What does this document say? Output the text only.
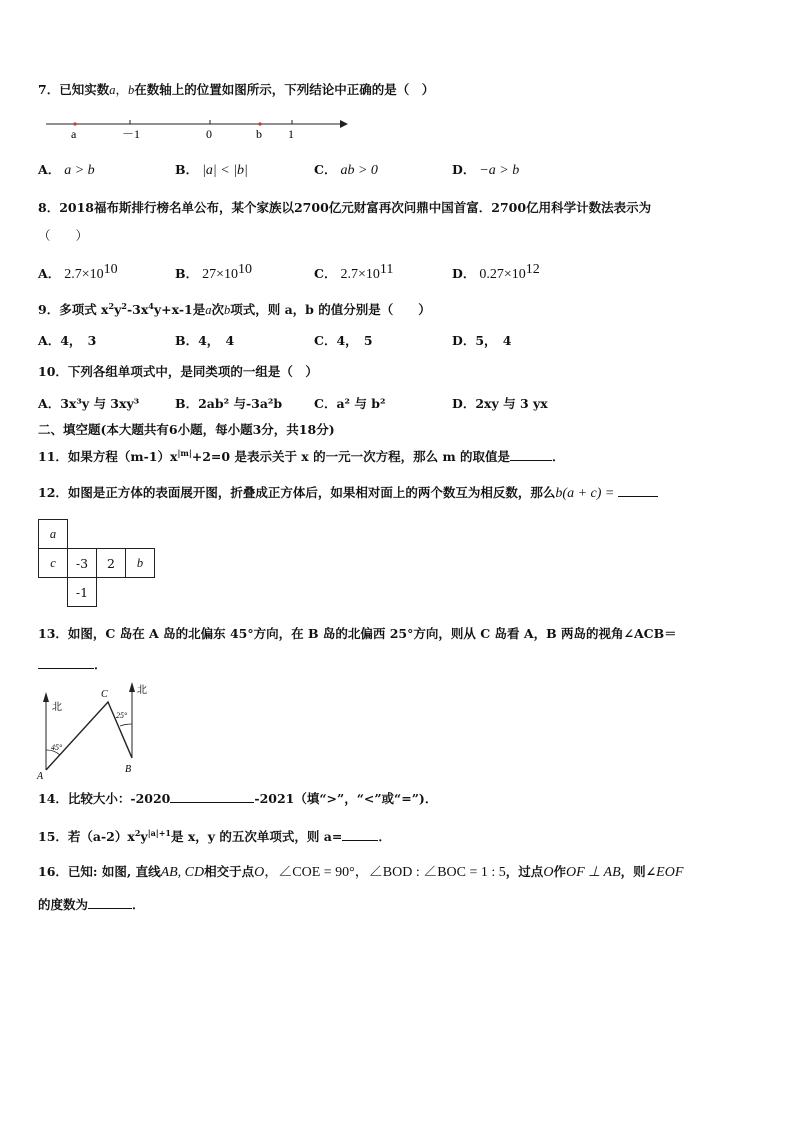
7．已知实数a，b在数轴上的位置如图所示，下列结论中正确的是（　）
a	－1	0	b 1
A． a > b	B． |a| < |b|	C． ab > 0	D． −a > b
8．2018福布斯排行榜名单公布，某个家族以2700亿元财富再次问鼎中国首富．2700亿用科学计数法表示为
（　　）
A． $2.7\times 10^{10}$	B． $27\times 10^{10}$	C． $2.7\times 10^{11}$	D． $0.27\times 10^{12}$
9．多项式 $x^2y^2-3x^4y+x-1$是a次b项式，则 a，b 的值分别是（　　）
A．4，　3	B．4，　4	C．4，　5	D．5，　4
10．下列各组单项式中，是同类项的一组是（　）
A．3x³y 与 3xy³	B．2ab² 与-3a²b	C．a² 与 b²	D．2xy 与 3 yx
二、填空题(本大题共有6小题，每小题3分，共18分)
11．如果方程$(m-1)x^{|m|}+2=0$ 是表示关于 x 的一元一次方程，那么 m 的取值是	．
12．如图是正方体的表面展开图，折叠成正方体后，如果相对面上的两个数互为相反数，那么b(a + c) =
a
c	-3	2	b
-1
13．如图，C 岛在 A 岛的北偏东 45°方向，在 B 岛的北偏西 25°方向，则从 C 岛看 A，B 两岛的视角∠ACB＝
．
北
北
45°
25°
C
A
B
14．比较大小：-2020	-2021（填“>”，“<”或“=”)．
15．若$(a-2)x^2y^{|a|+1}$是 x，y 的五次单项式，则 a=	．
16．已知: 如图, 直线AB, CD相交于点O，∠COE = 90°，∠BOD : ∠BOC = 1 : 5，过点O作OF ⊥ AB，则∠EOF
的度数为	．
